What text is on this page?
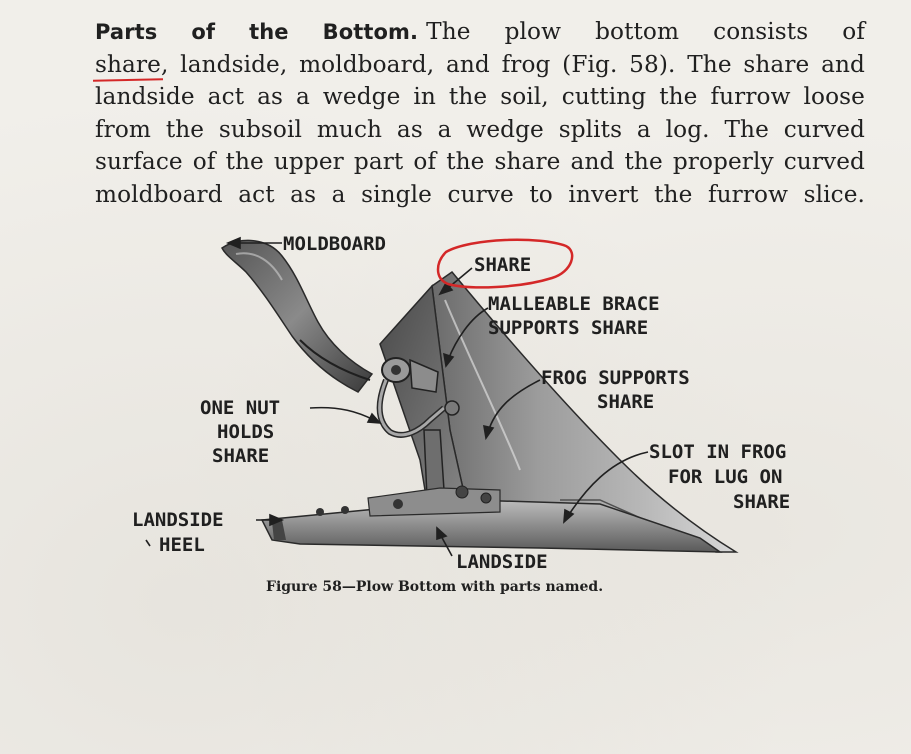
Parts of the Bottom. The plow bottom consists of
share, landside, moldboard, and frog (Fig. 58). The share and
landside act as a wedge in the soil, cutting the furrow loose
from the subsoil much as a wedge splits a log. The curved
surface of the upper part of the share and the properly curved
moldboard act as a single curve to invert the furrow slice.
MOLDBOARD
SHARE
MALLEABLE BRACE
SUPPORTS SHARE
FROG SUPPORTS
SHARE
ONE NUT
HOLDS
SHARE	SLOT IN FROG
FOR LUG ON
SHARE
LANDSIDE
HEEL
LANDSIDE
Figure 58—Plow Bottom with parts named.
